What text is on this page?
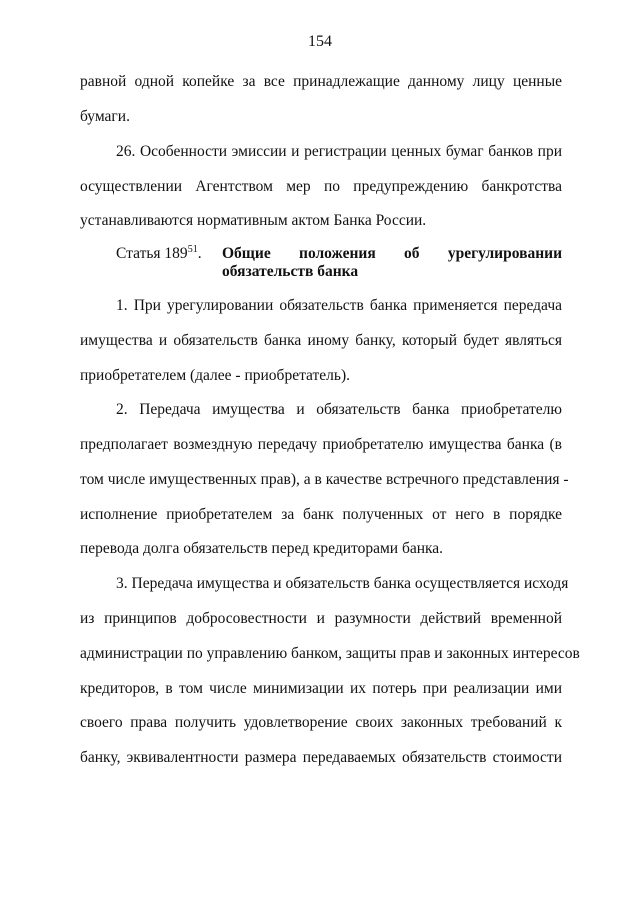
154
равной одной копейке за все принадлежащие данному лицу ценные
бумаги.
26. Особенности эмиссии и регистрации ценных бумаг банков при
осуществлении Агентством мер по предупреждению банкротства
устанавливаются нормативным актом Банка России.
1. При урегулировании обязательств банка применяется передача
имущества и обязательств банка иному банку, который будет являться
приобретателем (далее - приобретатель).
2. Передача имущества и обязательств банка приобретателю
предполагает возмездную передачу приобретателю имущества банка (в
том числе имущественных прав), а в качестве встречного представления -
исполнение приобретателем за банк полученных от него в порядке
перевода долга обязательств перед кредиторами банка.
3. Передача имущества и обязательств банка осуществляется исходя
из принципов добросовестности и разумности действий временной
администрации по управлению банком, защиты прав и законных интересов
кредиторов, в том числе минимизации их потерь при реализации ими
своего права получить удовлетворение своих законных требований к
банку, эквивалентности размера передаваемых обязательств стоимости
Статья $189^{51}$. Общие положения об урегулировании
обязательств банка
